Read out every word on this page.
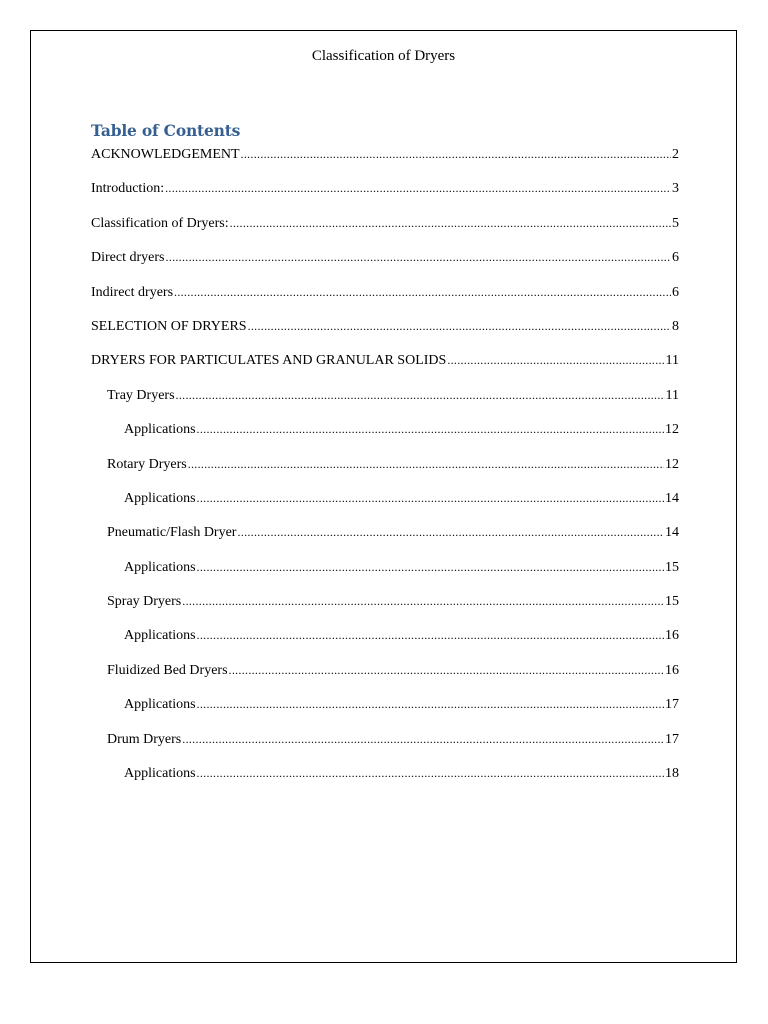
Classification of Dryers
Table of Contents
ACKNOWLEDGEMENT .....	2
Introduction: .....	3
Classification of Dryers: .....	5
Direct dryers .....	6
Indirect dryers .....	6
SELECTION OF DRYERS .....	8
DRYERS FOR PARTICULATES AND GRANULAR SOLIDS .....	11
Tray Dryers .....	11
Applications .....	12
Rotary Dryers .....	12
Applications .....	14
Pneumatic/Flash Dryer .....	14
Applications .....	15
Spray Dryers .....	15
Applications .....	16
Fluidized Bed Dryers .....	16
Applications .....	17
Drum Dryers .....	17
Applications .....	18
